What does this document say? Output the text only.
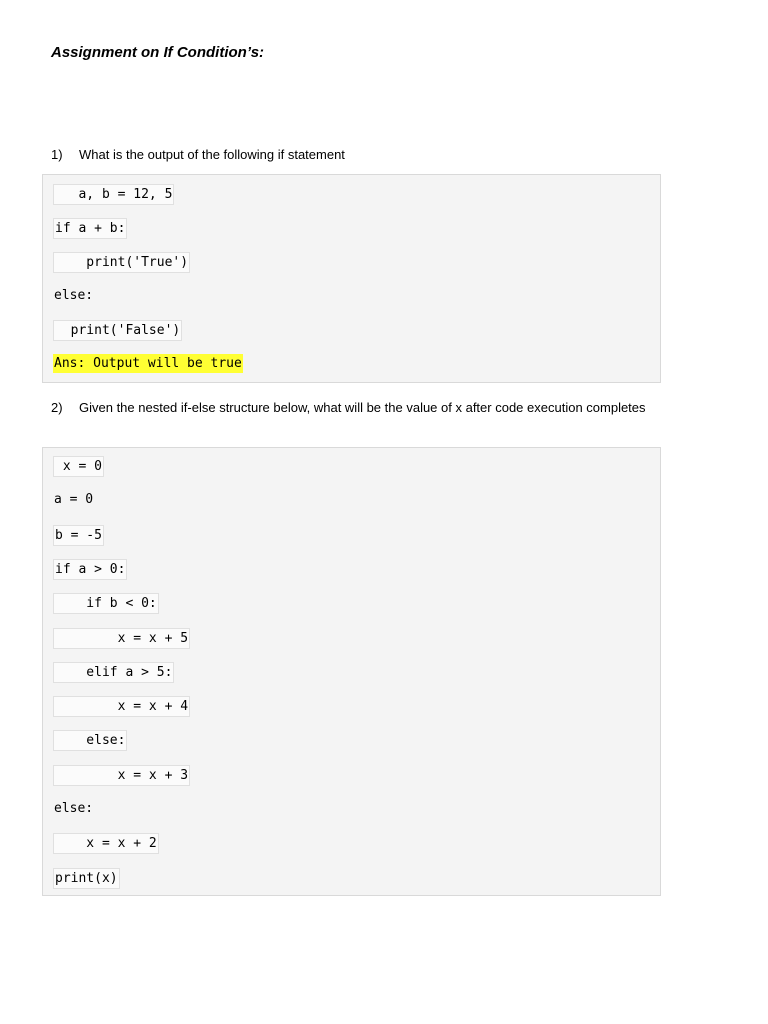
Assignment on If Condition’s:
1) What is the output of the following if statement
a, b = 12, 5
if a + b:
print('True')
else:
print('False')
Ans: Output will be true
2) Given the nested if-else structure below, what will be the value of x after code execution completes
x = 0
a = 0
b = -5
if a > 0:
if b < 0:
x = x + 5
elif a > 5:
x = x + 4
else:
x = x + 3
else:
x = x + 2
print(x)
